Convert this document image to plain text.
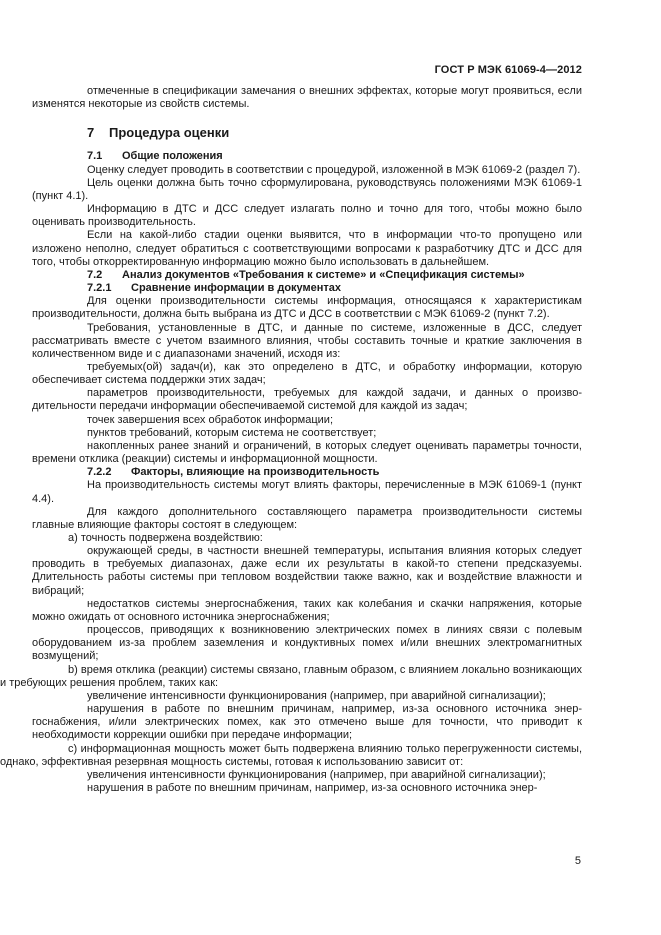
ГОСТ Р МЭК 61069-4—2012

отмеченные в спецификации замечания о внешних эффектах, которые могут проявиться, если изменятся некоторые из свойств системы.

7 Процедура оценки
7.1 Общие положения

Оценку следует проводить в соответствии с процедурой, изложенной в МЭК 61069-2 (раздел 7).

Цель оценки должна быть точно сформулирована, руководствуясь положениями МЭК 61069-1 (пункт 4.1).

Информацию в ДТС и ДСС следует излагать полно и точно для того, чтобы можно было оценивать производительность.

Если на какой-либо стадии оценки выявится, что в информации что-то пропущено или изложено неполно, следует обратиться с соответствующими вопросами к разработчику ДТС и ДСС для того, чтобы откорректированную информацию можно было использовать в дальнейшем.

7.2 Анализ документов «Требования к системе» и «Спецификация системы»
7.2.1 Сравнение информации в документах

Для оценки производительности системы информация, относящаяся к характеристикам производительности, должна быть выбрана из ДТС и ДСС в соответствии с МЭК 61069-2 (пункт 7.2).

Требования, установленные в ДТС, и данные по системе, изложенные в ДСС, следует рассматривать вместе с учетом взаимного влияния, чтобы составить точные и краткие заключения в количественном виде и с диапазонами значений, исходя из:

требуемых(ой) задач(и), как это определено в ДТС, и обработку информации, которую обеспечивает система поддержки этих задач;

параметров производительности, требуемых для каждой задачи, и данных о производительности передачи информации обеспечиваемой системой для каждой из задач;

точек завершения всех обработок информации;

пунктов требований, которым система не соответствует;

накопленных ранее знаний и ограничений, в которых следует оценивать параметры точности, времени отклика (реакции) системы и информационной мощности.

7.2.2 Факторы, влияющие на производительность

На производительность системы могут влиять факторы, перечисленные в МЭК 61069-1 (пункт 4.4).

Для каждого дополнительного составляющего параметра производительности системы главные влияющие факторы состоят в следующем:

a) точность подвержена воздействию:

окружающей среды, в частности внешней температуры, испытания влияния которых следует проводить в требуемых диапазонах, даже если их результаты в какой-то степени предсказуемы. Длительность работы системы при тепловом воздействии также важно, как и воздействие влажности и вибраций;

недостатков системы энергоснабжения, таких как колебания и скачки напряжения, которые можно ожидать от основного источника энергоснабжения;

процессов, приводящих к возникновению электрических помех в линиях связи с полевым оборудованием из-за проблем заземления и кондуктивных помех и/или внешних электромагнитных возмущений;

b) время отклика (реакции) системы связано, главным образом, с влиянием локально возникающих и требующих решения проблем, таких как:

увеличение интенсивности функционирования (например, при аварийной сигнализации);

нарушения в работе по внешним причинам, например, из-за основного источника энергоснабжения, и/или электрических помех, как это отмечено выше для точности, что приводит к необходимости коррекции ошибки при передаче информации;

c) информационная мощность может быть подвержена влиянию только перегруженности системы, однако, эффективная резервная мощность системы, готовая к использованию зависит от:

увеличения интенсивности функционирования (например, при аварийной сигнализации);

нарушения в работе по внешним причинам, например, из-за основного источника энер-

5
